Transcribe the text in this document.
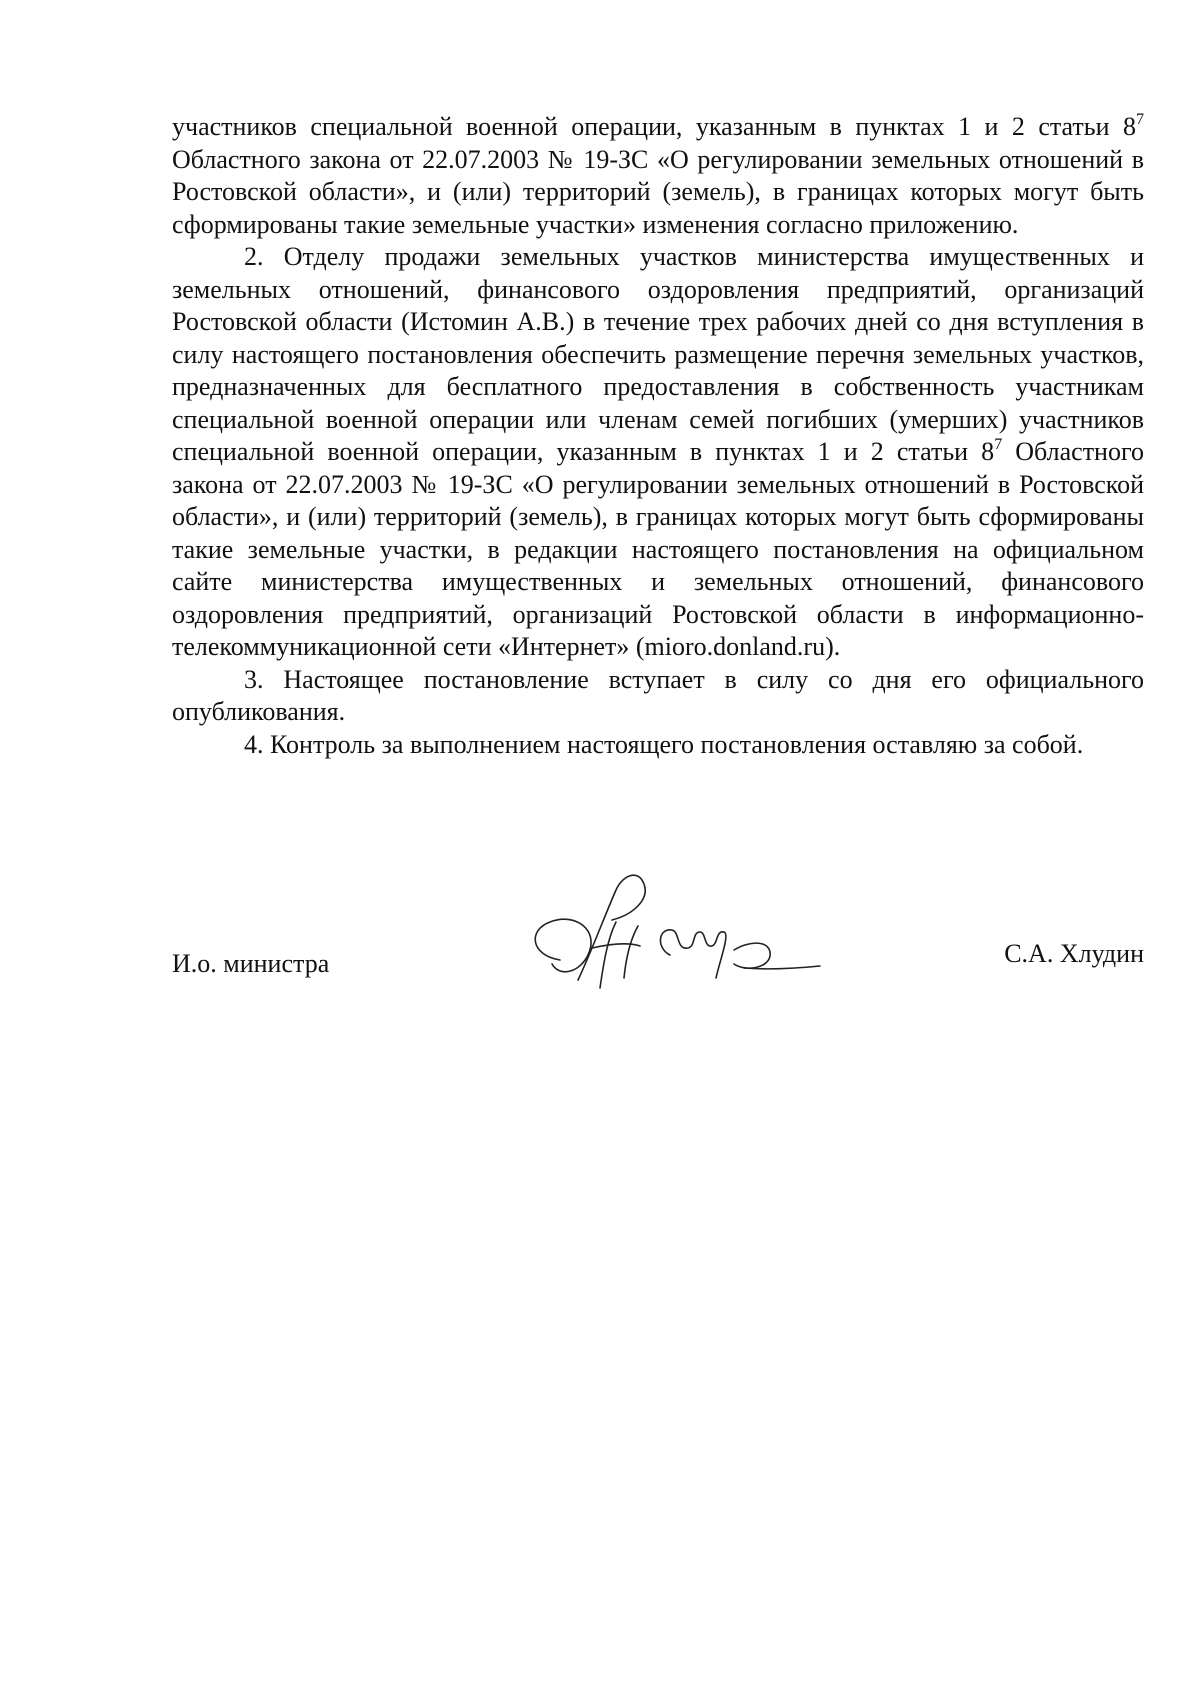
участников специальной военной операции, указанным в пунктах 1 и 2 статьи $8^7$ Областного закона от 22.07.2003 № 19-ЗС «О регулировании земельных отношений в Ростовской области», и (или) территорий (земель), в границах которых могут быть сформированы такие земельные участки» изменения согласно приложению.

2. Отделу продажи земельных участков министерства имущественных и земельных отношений, финансового оздоровления предприятий, организаций Ростовской области (Истомин А.В.) в течение трех рабочих дней со дня вступления в силу настоящего постановления обеспечить размещение перечня земельных участков, предназначенных для бесплатного предоставления в собственность участникам специальной военной операции или членам семей погибших (умерших) участников специальной военной операции, указанным в пунктах 1 и 2 статьи $8^7$ Областного закона от 22.07.2003 № 19-ЗС «О регулировании земельных отношений в Ростовской области», и (или) территорий (земель), в границах которых могут быть сформированы такие земельные участки, в редакции настоящего постановления на официальном сайте министерства имущественных и земельных отношений, финансового оздоровления предприятий, организаций Ростовской области в информационно-телекоммуникационной сети «Интернет» (mioro.donland.ru).

3. Настоящее постановление вступает в силу со дня его официального опубликования.

4. Контроль за выполнением настоящего постановления оставляю за собой.

И.о. министра	С.А. Хлудин
